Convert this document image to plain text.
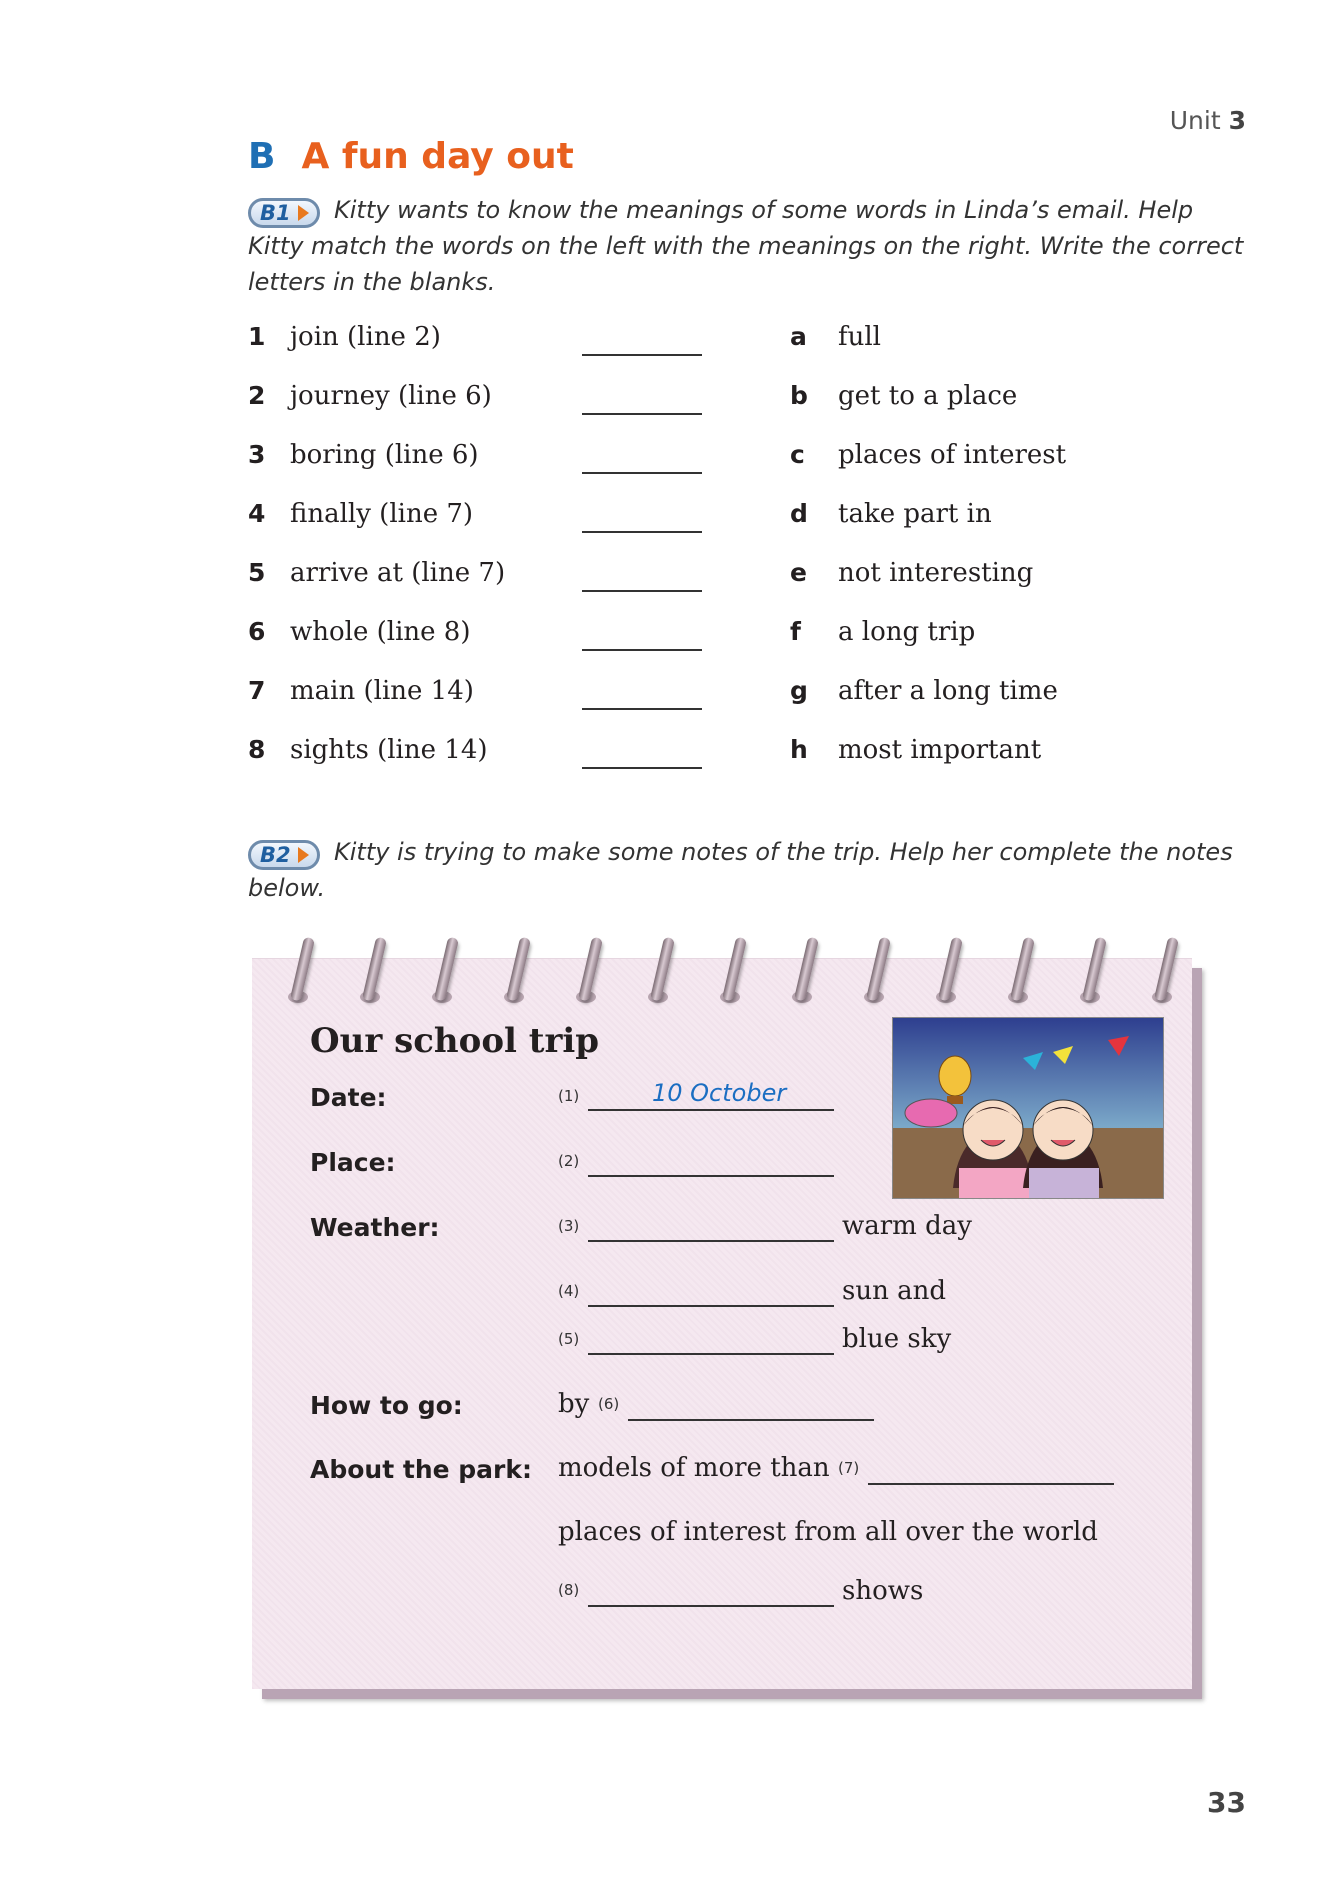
Unit 3
B A fun day out
B1 Kitty wants to know the meanings of some words in Linda’s email. Help Kitty match the words on the left with the meanings on the right. Write the correct letters in the blanks.
1 join (line 2)	a full
2 journey (line 6)	b get to a place
3 boring (line 6)	c places of interest
4 finally (line 7)	d take part in
5 arrive at (line 7)	e not interesting
6 whole (line 8)	f a long trip
7 main (line 14)	g after a long time
8 sights (line 14)	h most important
B2 Kitty is trying to make some notes of the trip. Help her complete the notes below.
Our school trip
Date:	(1)	10 October
Place:	(2)
Weather:	(3)	warm day
(4)	sun and
(5)	blue sky
How to go:	by (6)
About the park: models of more than (7)
places of interest from all over the world
(8)	shows
33
